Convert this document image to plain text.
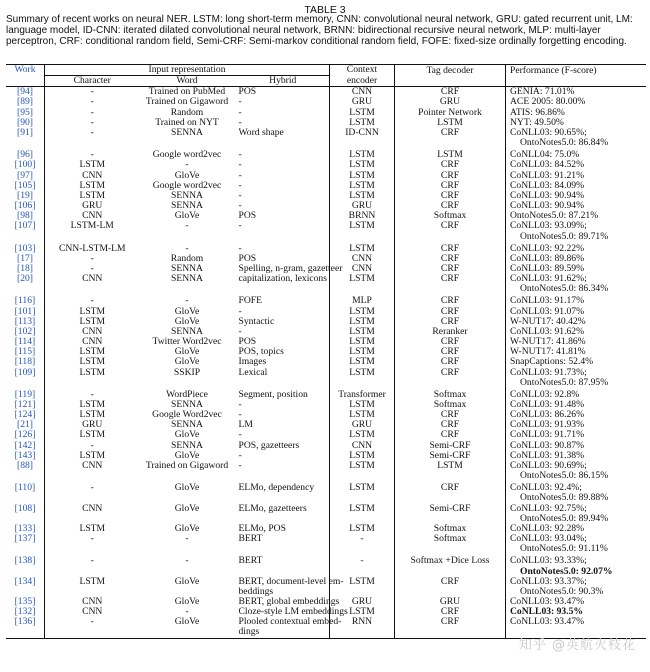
TABLE 3
Summary of recent works on neural NER. LSTM: long short-term memory, CNN: convolutional neural network, GRU: gated recurrent unit, LM: language model, ID-CNN: iterated dilated convolutional neural network, BRNN: bidirectional recursive neural network, MLP: multi-layer perceptron, CRF: conditional random field, Semi-CRF: Semi-markov conditional random field, FOFE: fixed-size ordinally forgetting encoding.
Work	Input representation			Context	Tag decoder	Performance (F-score)
	Character	Word	Hybrid	encoder		
[94]	-	Trained on PubMed	POS	CNN	CRF	GENIA: 71.01%
[89]	-	Trained on Gigaword	-	GRU	GRU	ACE 2005: 80.00%
[95]	-	Random	-	LSTM	Pointer Network	ATIS: 96.86%
[90]	-	Trained on NYT	-	LSTM	LSTM	NYT: 49.50%
[91]	-	SENNA	Word shape	ID-CNN	CRF	CoNLL03: 90.65%;
						OntoNotes5.0: 86.84%
[96]	-	Google word2vec	-	LSTM	LSTM	CoNLL04: 75.0%
[100]	LSTM	-	-	LSTM	CRF	CoNLL03: 84.52%
[97]	CNN	GloVe	-	LSTM	CRF	CoNLL03: 91.21%
[105]	LSTM	Google word2vec	-	LSTM	CRF	CoNLL03: 84.09%
[19]	LSTM	SENNA	-	LSTM	CRF	CoNLL03: 90.94%
[106]	GRU	SENNA	-	GRU	CRF	CoNLL03: 90.94%
[98]	CNN	GloVe	POS	BRNN	Softmax	OntoNotes5.0: 87.21%
[107]	LSTM-LM	-	-	LSTM	CRF	CoNLL03: 93.09%;
						OntoNotes5.0: 89.71%
[103]	CNN-LSTM-LM	-	-	LSTM	CRF	CoNLL03: 92.22%
[17]	-	Random	POS	CNN	CRF	CoNLL03: 89.86%
[18]	-	SENNA	Spelling, n-gram, gazetteer	CNN	CRF	CoNLL03: 89.59%
[20]	CNN	SENNA	capitalization, lexicons	LSTM	CRF	CoNLL03: 91.62%;
						OntoNotes5.0: 86.34%
[116]	-	-	FOFE	MLP	CRF	CoNLL03: 91.17%
[101]	LSTM	GloVe	-	LSTM	CRF	CoNLL03: 91.07%
[113]	LSTM	GloVe	Syntactic	LSTM	CRF	W-NUT17: 40.42%
[102]	CNN	SENNA	-	LSTM	Reranker	CoNLL03: 91.62%
[114]	CNN	Twitter Word2vec	POS	LSTM	CRF	W-NUT17: 41.86%
[115]	LSTM	GloVe	POS, topics	LSTM	CRF	W-NUT17: 41.81%
[118]	LSTM	GloVe	Images	LSTM	CRF	SnapCaptions: 52.4%
[109]	LSTM	SSKIP	Lexical	LSTM	CRF	CoNLL03: 91.73%;
						OntoNotes5.0: 87.95%
[119]	-	WordPiece	Segment, position	Transformer	Softmax	CoNLL03: 92.8%
[121]	LSTM	SENNA	-	LSTM	Softmax	CoNLL03: 91.48%
[124]	LSTM	Google Word2vec	-	LSTM	CRF	CoNLL03: 86.26%
[21]	GRU	SENNA	LM	GRU	CRF	CoNLL03: 91.93%
[126]	LSTM	GloVe	-	LSTM	CRF	CoNLL03: 91.71%
[142]	-	SENNA	POS, gazetteers	CNN	Semi-CRF	CoNLL03: 90.87%
[143]	LSTM	GloVe	-	LSTM	Semi-CRF	CoNLL03: 91.38%
[88]	CNN	Trained on Gigaword	-	LSTM	LSTM	CoNLL03: 90.69%;
						OntoNotes5.0: 86.15%
[110]	-	GloVe	ELMo, dependency	LSTM	CRF	CoNLL03: 92.4%;
						OntoNotes5.0: 89.88%
[108]	CNN	GloVe	ELMo, gazetteers	LSTM	Semi-CRF	CoNLL03: 92.75%;
						OntoNotes5.0: 89.94%
[133]	LSTM	GloVe	ELMo, POS	LSTM	Softmax	CoNLL03: 92.28%
[137]	-	-	BERT	-	Softmax	CoNLL03: 93.04%;
						OntoNotes5.0: 91.11%
[138]	-	-	BERT	-	Softmax +Dice Loss	CoNLL03: 93.33%;
						OntoNotes5.0: 92.07%
[134]	LSTM	GloVe	BERT, document-level em-	LSTM	CRF	CoNLL03: 93.37%;
			beddings			OntoNotes5.0: 90.3%
[135]	CNN	GloVe	BERT, global embeddings	GRU	GRU	CoNLL03: 93.47%
[132]	CNN	-	Cloze-style LM embeddings	LSTM	CRF	CoNLL03: 93.5%
[136]	-	GloVe	Plooled contextual embed-	RNN	CRF	CoNLL03: 93.47%
			dings			
知乎 @英航火枝花
